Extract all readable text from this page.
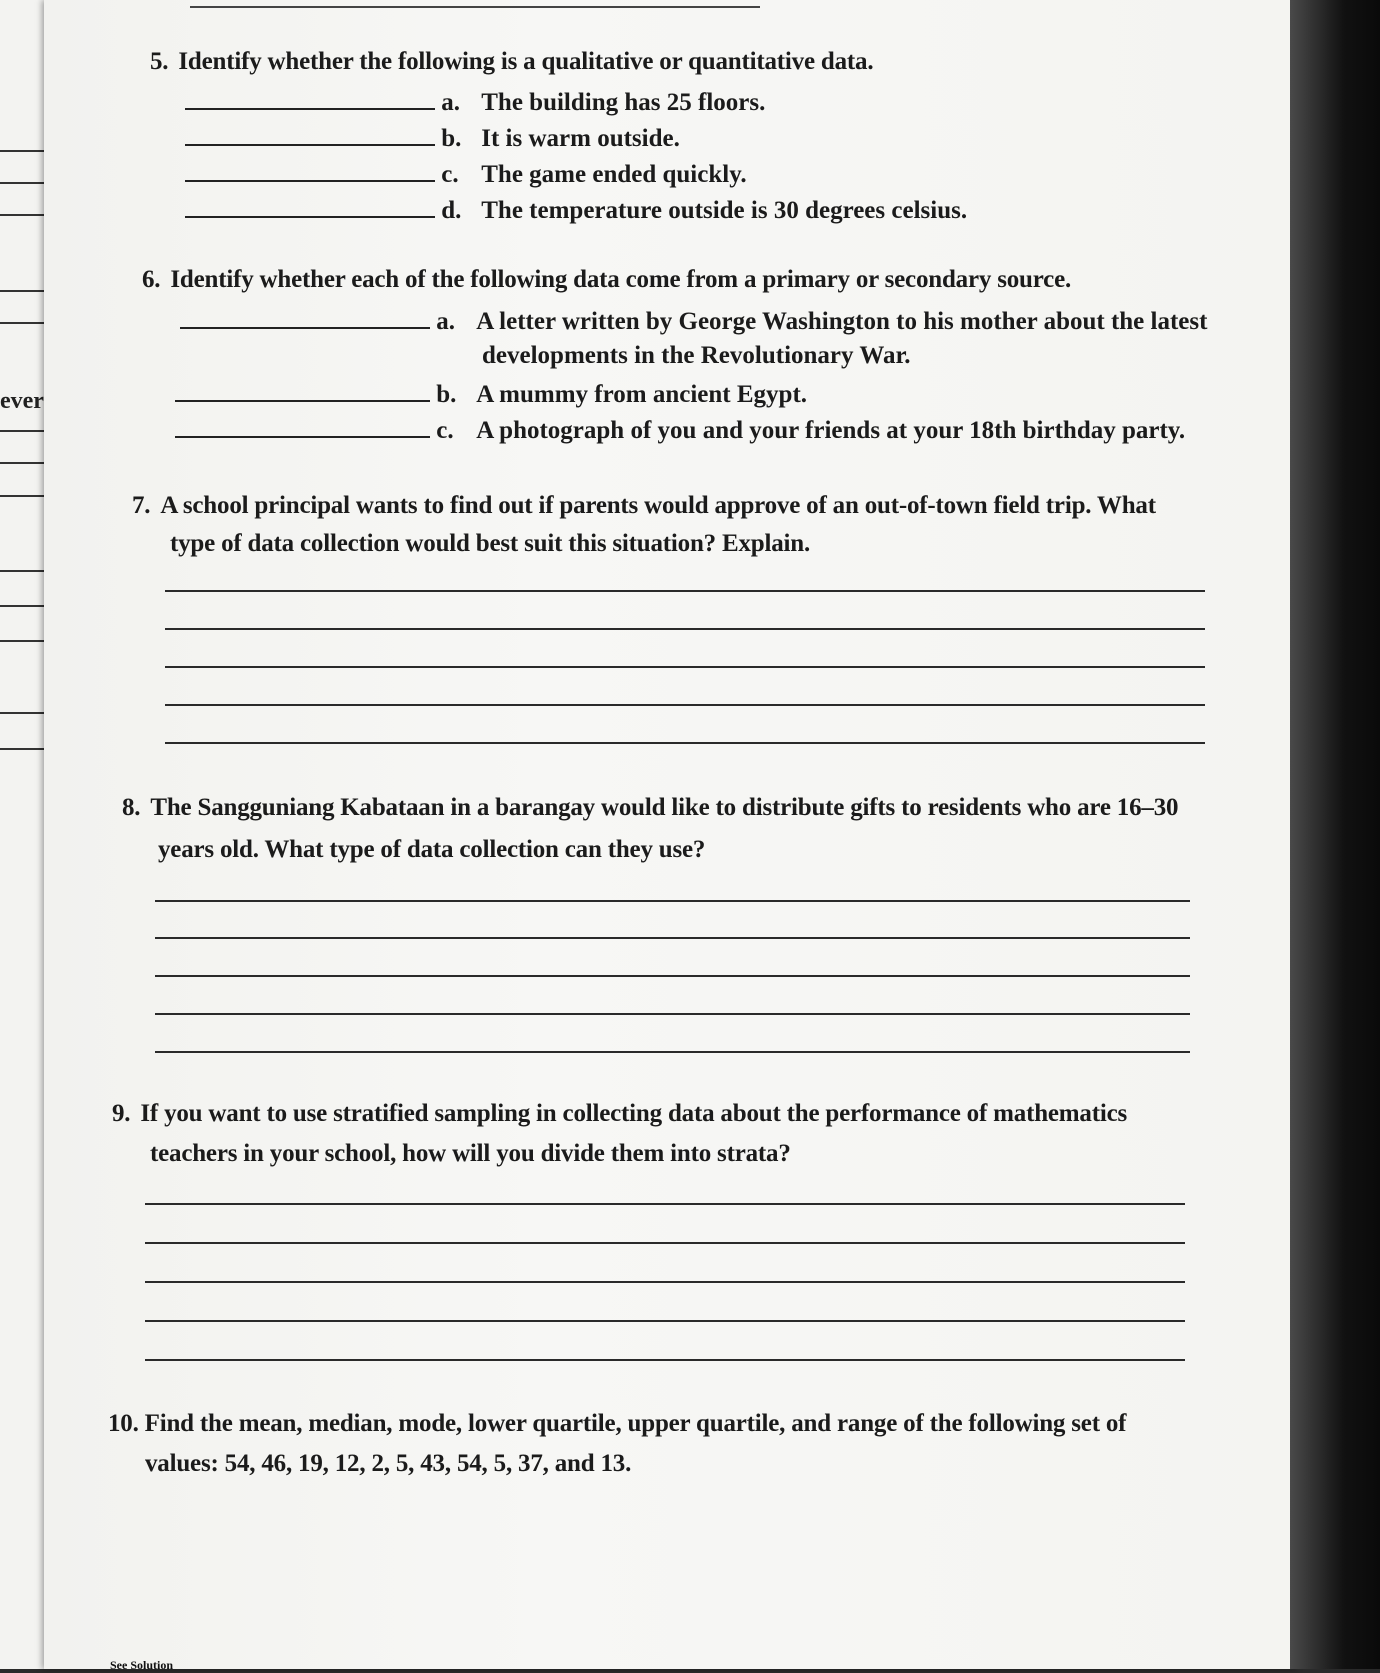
ever
5. Identify whether the following is a qualitative or quantitative data.
a. The building has 25 floors.
b. It is warm outside.
c. The game ended quickly.
d. The temperature outside is 30 degrees celsius.
6. Identify whether each of the following data come from a primary or secondary source.
a. A letter written by George Washington to his mother about the latest
developments in the Revolutionary War.
b. A mummy from ancient Egypt.
c. A photograph of you and your friends at your 18th birthday party.
7. A school principal wants to find out if parents would approve of an out-of-town field trip. What
type of data collection would best suit this situation? Explain.
8. The Sangguniang Kabataan in a barangay would like to distribute gifts to residents who are 16–30
years old. What type of data collection can they use?
9. If you want to use stratified sampling in collecting data about the performance of mathematics
teachers in your school, how will you divide them into strata?
10. Find the mean, median, mode, lower quartile, upper quartile, and range of the following set of
values: 54, 46, 19, 12, 2, 5, 43, 54, 5, 37, and 13.
See Solution
